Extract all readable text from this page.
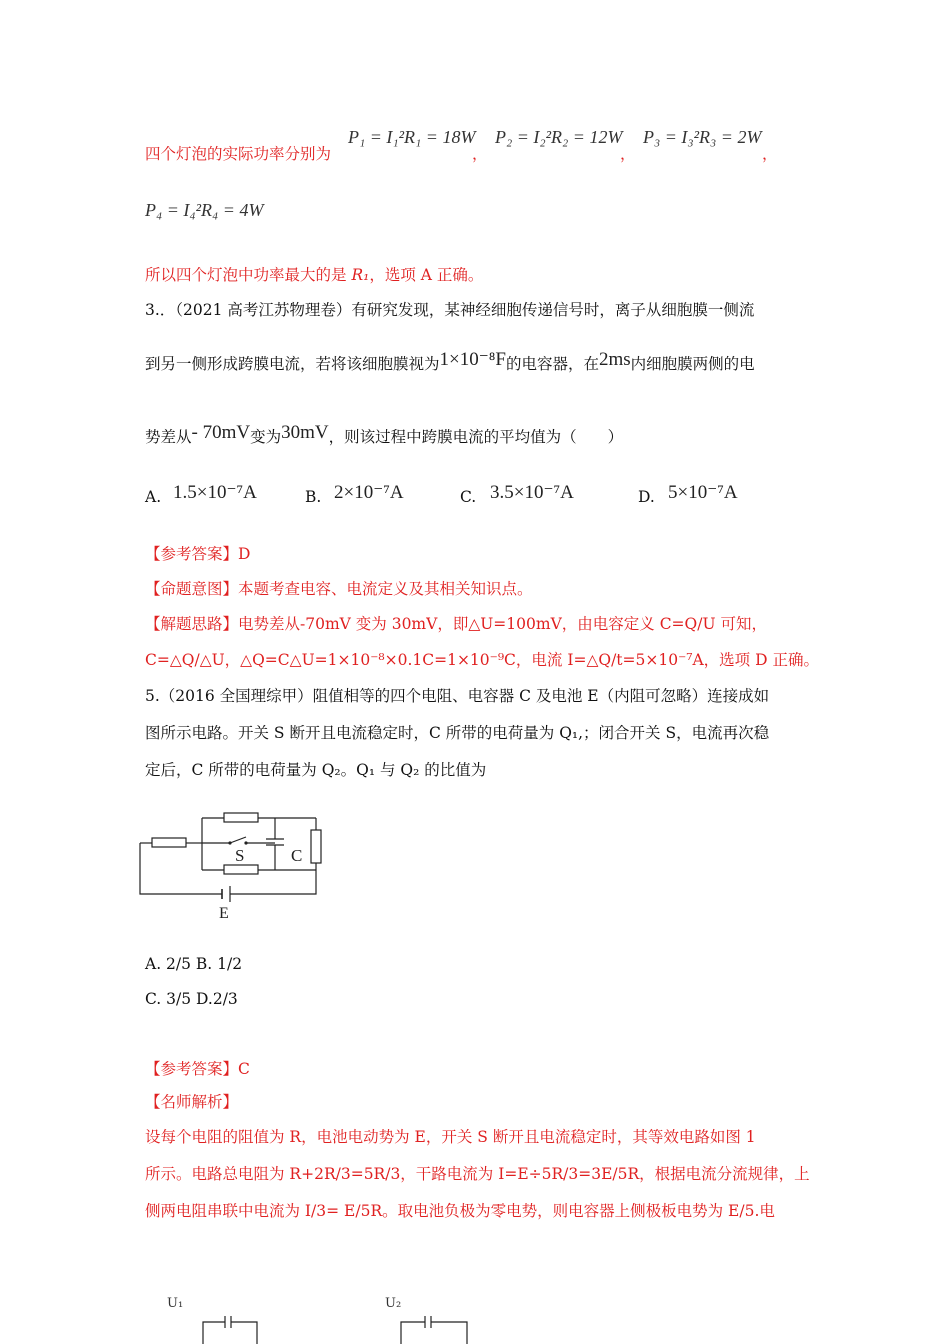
四个灯泡的实际功率分别为
P₁ = I₁²R₁ = 18W
，
P₂ = I₂²R₂ = 12W
，
P₃ = I₃²R₃ = 2W
，
P₄ = I₄²R₄ = 4W
所以四个灯泡中功率最大的是 R₁，选项 A 正确。
3.．（2021 高考江苏物理卷）有研究发现，某神经细胞传递信号时，离子从细胞膜一侧流
到另一侧形成跨膜电流，若将该细胞膜视为1×10⁻⁸F的电容器，在2ms内细胞膜两侧的电
势差从- 70mV变为30mV，则该过程中跨膜电流的平均值为（　　）
A. 1.5×10⁻⁷A	B. 2×10⁻⁷A	C. 3.5×10⁻⁷A	D. 5×10⁻⁷A
【参考答案】D
【命题意图】本题考查电容、电流定义及其相关知识点。
【解题思路】电势差从-70mV 变为 30mV，即△U=100mV，由电容定义 C=Q/U 可知，
C=△Q/△U，△Q=C△U=1×10⁻⁸×0.1C=1×10⁻⁹C，电流 I=△Q/t=5×10⁻⁷A，选项 D 正确。
5.（2016 全国理综甲）阻值相等的四个电阻、电容器 C 及电池 E（内阻可忽略）连接成如
图所示电路。开关 S 断开且电流稳定时，C 所带的电荷量为 Q₁,；闭合开关 S，电流再次稳
定后，C 所带的电荷量为 Q₂。Q₁ 与 Q₂ 的比值为
S	C
E
A. 2/5 B. 1/2
C. 3/5 D.2/3
【参考答案】C
【名师解析】
设每个电阻的阻值为 R，电池电动势为 E，开关 S 断开且电流稳定时，其等效电路如图 1
所示。电路总电阻为 R+2R/3=5R/3，干路电流为 I=E÷5R/3=3E/5R，根据电流分流规律，上
侧两电阻串联中电流为 I/3= E/5R。取电池负极为零电势，则电容器上侧极板电势为 E/5.电
U₁	U₂
